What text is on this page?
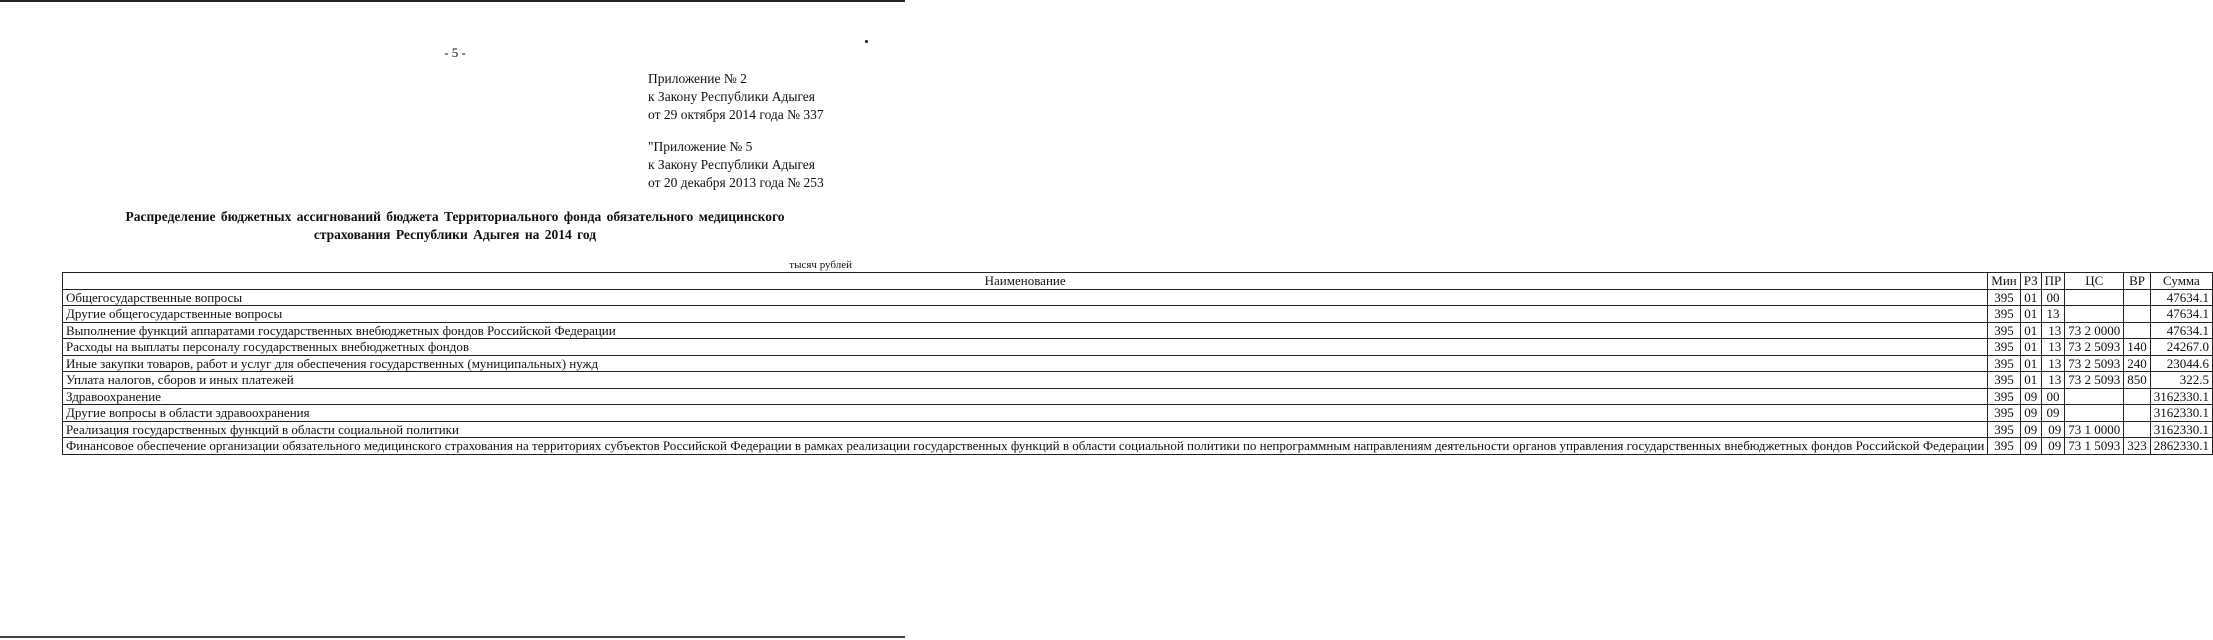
- 5 -
Приложение № 2
к Закону Республики Адыгея
от 29 октября 2014 года № 337
"Приложение № 5
к Закону Республики Адыгея
от 20 декабря 2013 года № 253
Распределение бюджетных ассигнований бюджета Территориального фонда обязательного медицинского
страхования Республики Адыгея на 2014 год
тысяч рублей
Наименование	Мин	РЗ	ПР	ЦС	ВР	Сумма
Общегосударственные вопросы	395	01	00			47634.1
Другие общегосударственные вопросы	395	01	13			47634.1
Выполнение функций аппаратами государственных внебюджетных фондов Российской Федерации	395	01	13	73 2 0000		47634.1
Расходы на выплаты персоналу государственных внебюджетных фондов	395	01	13	73 2 5093	140	24267.0
Иные закупки товаров, работ и услуг для обеспечения государственных (муниципальных) нужд	395	01	13	73 2 5093	240	23044.6
Уплата налогов, сборов и иных платежей	395	01	13	73 2 5093	850	322.5
Здравоохранение	395	09	00			3162330.1
Другие вопросы в области здравоохранения	395	09	09			3162330.1
Реализация государственных функций в области социальной политики	395	09	09	73 1 0000		3162330.1
Финансовое обеспечение организации обязательного медицинского страхования на территориях субъектов Российской Федерации в рамках реализации государственных функций в области социальной политики по непрограммным направлениям деятельности органов управления государственных внебюджетных фондов Российской Федерации	395	09	09	73 1 5093	323	2862330.1
